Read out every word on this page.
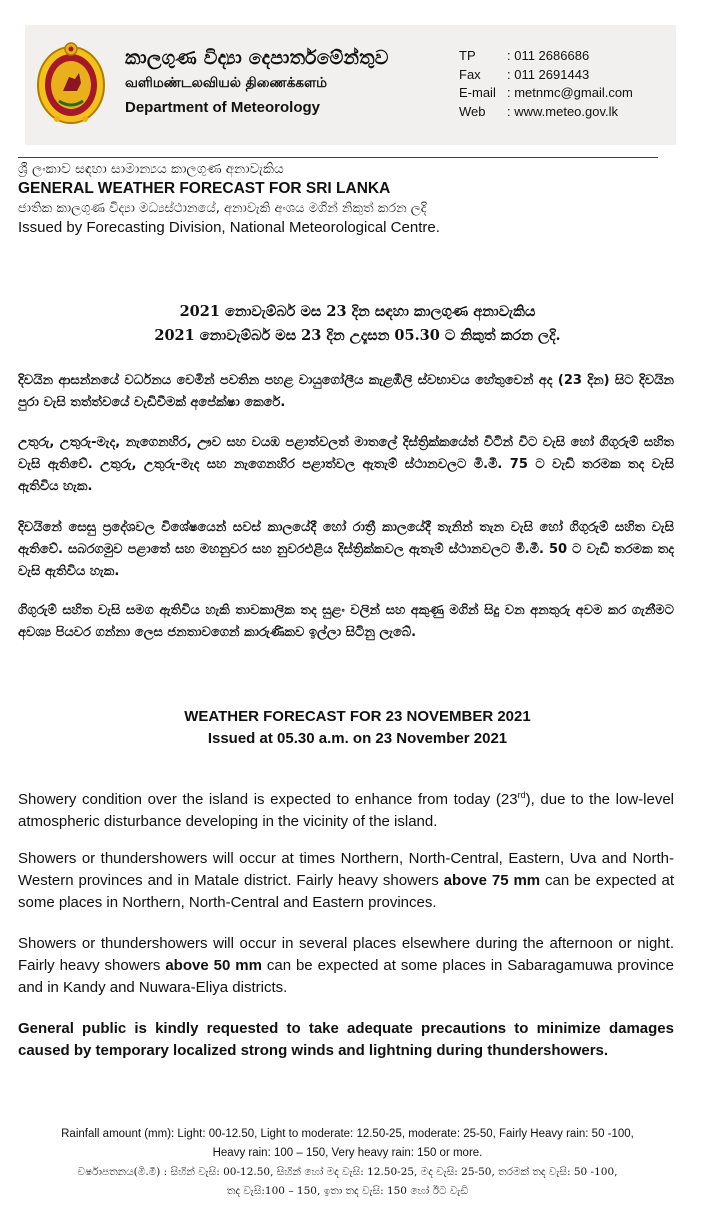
කාලගුණ විද්‍යා දෙපාර්තමේන්තුව
வளிமண்டலவியல் திணைக்களம்
Department of Meteorology
TP	: 011 2686686
Fax	: 011 2691443
E-mail : metnmc@gmail.com
Web	: www.meteo.gov.lk
ශ්‍රී ලංකාව සඳහා සාමාන්‍යය කාලගුණ අනාවැකිය
GENERAL WEATHER FORECAST FOR SRI LANKA
ජාතික කාලගුණ විද්‍යා මධ්‍යස්ථානයේ, අනාවැකි අංශය මගින් නිකුත් කරන ලදි
Issued by Forecasting Division, National Meteorological Centre.
2021 නොවැම්බර් මස 23 දින සඳහා කාලගුණ අනාවැකිය
2021 නොවැම්බර් මස 23 දින උදෑසන 05.30 ට නිකුත් කරන ලදි.
දිවයින ආසන්නයේ වර්ධනය වෙමින් පවතින පහළ වායුගෝලීය කැළඹීලි ස්වභාවය හේතුවෙන් අද (23 දින) සිට දිවයින පුරා වැසි තත්ත්වයේ වැඩිවීමක් අපේක්ෂා කෙරේ.
උතුරු, උතුරු-මැද, නැගෙනහිර, ඌව සහ වයඹ පළාත්වලත් මාතලේ දිස්ත්‍රික්කයේත් විටින් විට වැසි හෝ ගිගුරුම් සහිත වැසි ඇතිවේ. උතුරු, උතුරු-මැද සහ නැගෙනහිර පළාත්වල ඇතැම් ස්ථානවලට මි.මී. 75 ට වැඩි තරමක තද වැසි ඇතිවිය හැක.
දිවයිනේ සෙසු ප්‍රදේශවල විශේෂයෙන් සවස් කාලයේදී හෝ රාත්‍රී කාලයේදී තැනින් තැන වැසි හෝ ගිගුරුම් සහිත වැසි ඇතිවේ. සබරගමුව පළාතේ සහ මහනුවර සහ නුවරඑළිය දිස්ත්‍රික්කවල ඇතැම් ස්ථානවලට මි.මී. 50 ට වැඩි තරමක තද වැසි ඇතිවිය හැක.
ගිගුරුම් සහිත වැසි සමග ඇතිවිය හැකි තාවකාලික තද සුළං වලින් සහ අකුණු මගින් සිදු වන අනතුරු අවම කර ගැනීමට අවශ්‍ය පියවර ගන්නා ලෙස ජනතාවගෙන් කාරුණිකව ඉල්ලා සිටිනු ලැබේ.
WEATHER FORECAST FOR 23 NOVEMBER 2021
Issued at 05.30 a.m. on 23 November 2021
Showery condition over the island is expected to enhance from today (23rd), due to the low-level atmospheric disturbance developing in the vicinity of the island.
Showers or thundershowers will occur at times Northern, North-Central, Eastern, Uva and North-Western provinces and in Matale district. Fairly heavy showers above 75 mm can be expected at some places in Northern, North-Central and Eastern provinces.
Showers or thundershowers will occur in several places elsewhere during the afternoon or night. Fairly heavy showers above 50 mm can be expected at some places in Sabaragamuwa province and in Kandy and Nuwara-Eliya districts.
General public is kindly requested to take adequate precautions to minimize damages caused by temporary localized strong winds and lightning during thundershowers.
Rainfall amount (mm): Light: 00-12.50, Light to moderate: 12.50-25, moderate: 25-50, Fairly Heavy rain: 50 -100,
Heavy rain: 100 – 150, Very heavy rain: 150 or more.
වර්ෂාපතනය(මි.මී) : සිහින් වැසි: 00-12.50, සිහින් හෝ මද වැසි: 12.50-25, මද වැසි: 25-50, තරමක් තද වැසි: 50 -100,
තද වැසි:100 – 150, ඉතා තද වැසි: 150 හෝ ඊට වැඩි
